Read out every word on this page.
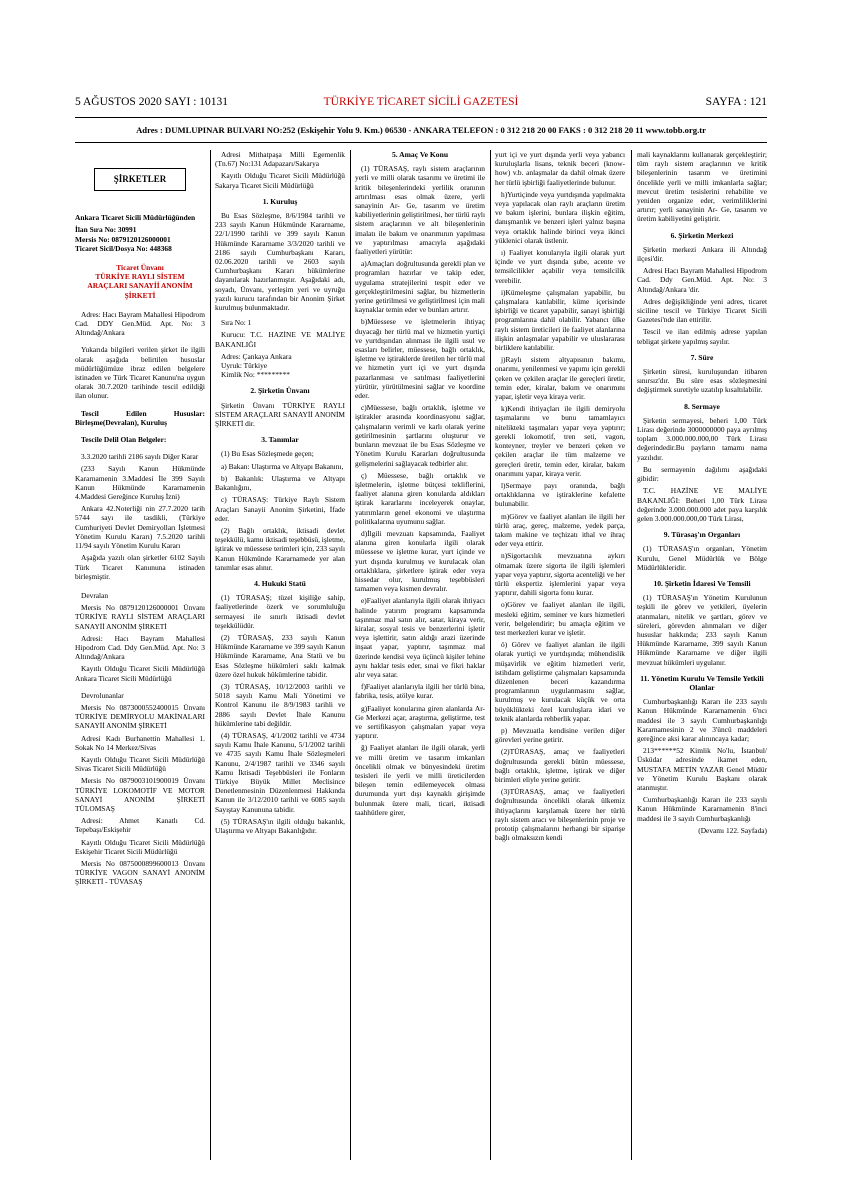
5 AĞUSTOS 2020 SAYI : 10131	TÜRKİYE TİCARET SİCİLİ GAZETESİ	SAYFA : 121
Adres : DUMLUPINAR BULVARI NO:252 (Eskişehir Yolu 9. Km.) 06530 - ANKARA TELEFON : 0 312 218 20 00 FAKS : 0 312 218 20 11 www.tobb.org.tr
ŞİRKETLER

Ankara Ticaret Sicili Müdürlüğünden

İlan Sıra No: 30991

Mersis No: 0879120126000001

Ticaret Sicil/Dosya No: 448368

Ticaret Ünvanı

TÜRKİYE RAYLI SİSTEM ARAÇLARI SANAYİİ ANONİM ŞİRKETİ

Adres: Hacı Bayram Mahallesi Hipodrom Cad. DDY Gen.Müd. Apt. No: 3 Altındağ/Ankara

Yukarıda bilgileri verilen şirket ile ilgili olarak aşağıda belirtilen hususlar müdürlüğümüze ibraz edilen belgelere istinaden ve Türk Ticaret Kanunu'na uygun olarak 30.7.2020 tarihinde tescil edildiği ilan olunur.

Tescil Edilen Hususlar: Birleşme(Devralan), Kuruluş

Tescile Delil Olan Belgeler:

3.3.2020 tarihli 2186 sayılı Diğer Karar

(233 Sayılı Kanun Hükmünde Kararnamenin 3.Maddesi İle 399 Sayılı Kanun Hükmünde Kararnamenin 4.Maddesi Gereğince Kuruluş İzni)

Ankara 42.Noterliği nin 27.7.2020 tarih 5744 sayı ile tasdikli, (Türkiye Cumhuriyeti Devlet Demiryolları İşletmesi Yönetim Kurulu Kararı) 7.5.2020 tarihli 11/94 sayılı Yönetim Kurulu Kararı

Aşağıda yazılı olan şirketler 6102 Sayılı Türk Ticaret Kanununa istinaden birleşmiştir.

Devralan

Mersis No 0879120126000001 Ünvanı TÜRKİYE RAYLI SİSTEM ARAÇLARI SANAYİİ ANONİM ŞİRKETİ

Adresi: Hacı Bayram Mahallesi Hipodrom Cad. Ddy Gen.Müd. Apt. No: 3 Altındağ/Ankara

Kayıtlı Olduğu Ticaret Sicili Müdürlüğü Ankara Ticaret Sicili Müdürlüğü

Devrolunanlar

Mersis No 0873000552400015 Ünvanı TÜRKİYE DEMİRYOLU MAKİNALARI SANAYİİ ANONİM ŞİRKETİ

Adresi Kadı Burhanettin Mahallesi 1. Sokak No 14 Merkez/Sivas

Kayıtlı Olduğu Ticaret Sicili Müdürlüğü Sivas Ticaret Sicili Müdürlüğü

Mersis No 0879003101900019 Ünvanı TÜRKİYE LOKOMOTİF VE MOTOR SANAYİ ANONİM ŞİRKETİ TÜLOMSAŞ

Adresi: Ahmet Kanatlı Cd. Tepebaşı/Eskişehir

Kayıtlı Olduğu Ticaret Sicili Müdürlüğü Eskişehir Ticaret Sicili Müdürlüğü

Mersis No 0875000899600013 Ünvanı TÜRKİYE VAGON SANAYİ ANONİM ŞİRKETİ - TÜVASAŞ

Adresi Mithatpaşa Milli Egemenlik (Tn.67) No:131 Adapazarı/Sakarya

Kayıtlı Olduğu Ticaret Sicili Müdürlüğü Sakarya Ticaret Sicili Müdürlüğü

1. Kuruluş

Bu Esas Sözleşme, 8/6/1984 tarihli ve 233 sayılı Kanun Hükmünde Kararname, 22/1/1990 tarihli ve 399 sayılı Kanun Hükmünde Kararname 3/3/2020 tarihli ve 2186 sayılı Cumhurbaşkanı Kararı, 02.06.2020 tarihli ve 2603 sayılı Cumhurbaşkanı Kararı hükümlerine dayanılarak hazırlanmıştır. Aşağıdaki adı, soyadı, Ünvanı, yerleşim yeri ve uyruğu yazılı kurucu tarafından bir Anonim Şirket kurulmuş bulunmaktadır.

Sıra No: 1

Kurucu: T.C. HAZİNE VE MALİYE BAKANLIĞI

Adres: Çankaya Ankara

Uyruk: Türkiye

Kimlik No: *********

2. Şirketin Ünvanı

Şirketin Ünvanı TÜRKİYE RAYLI SİSTEM ARAÇLARI SANAYİİ ANONİM ŞİRKETİ dir.

3. Tanımlar

(1) Bu Esas Sözleşmede geçen;

a) Bakan: Ulaştırma ve Altyapı Bakanını,

b) Bakanlık: Ulaştırma ve Altyapı Bakanlığını,

c) TÜRASAŞ: Türkiye Raylı Sistem Araçları Sanayii Anonim Şirketini, İfade eder.

(2) Bağlı ortaklık, iktisadi devlet teşekkülü, kamu iktisadi teşebbüsü, işletme, iştirak ve müessese terimleri için, 233 sayılı Kanun Hükmünde Kararnamede yer alan tanımlar esas alınır.

4. Hukuki Statü

(1) TÜRASAŞ; tüzel kişiliğe sahip, faaliyetlerinde özerk ve sorumluluğu sermayesi ile sınırlı iktisadi devlet teşekkülüdür.

(2) TÜRASAŞ, 233 sayılı Kanun Hükmünde Kararname ve 399 sayılı Kanun Hükmünde Kararname, Ana Statü ve bu Esas Sözleşme hükümleri saklı kalmak üzere özel hukuk hükümlerine tabidir.

(3) TÜRASAŞ, 10/12/2003 tarihli ve 5018 sayılı Kamu Mali Yönetimi ve Kontrol Kanunu ile 8/9/1983 tarihli ve 2886 sayılı Devlet İhale Kanunu hükümlerine tabi değildir.

(4) TÜRASAŞ, 4/1/2002 tarihli ve 4734 sayılı Kamu İhale Kanunu, 5/1/2002 tarihli ve 4735 sayılı Kamu İhale Sözleşmeleri Kanunu, 2/4/1987 tarihli ve 3346 sayılı Kamu İktisadi Teşebbüsleri ile Fonların Türkiye Büyük Millet Meclisince Denetlenmesinin Düzenlenmesi Hakkında Kanun ile 3/12/2010 tarihli ve 6085 sayılı Sayıştay Kanununa tabidir.

(5) TÜRASAŞ'ın ilgili olduğu bakanlık, Ulaştırma ve Altyapı Bakanlığıdır.

5. Amaç Ve Konu

(1) TÜRASAŞ, raylı sistem araçlarının yerli ve milli olarak tasarımı ve üretimi ile kritik bileşenlerindeki yerlilik oranının artırılması esas olmak üzere, yerli sanayinin Ar- Ge, tasarım ve üretim kabiliyetlerinin geliştirilmesi, her türlü raylı sistem araçlarının ve alt bileşenlerinin imalatı ile bakım ve onarımının yapılması ve yaptırılması amacıyla aşağıdaki faaliyetleri yürütür:

a)Amaçları doğrultusunda gerekli plan ve programları hazırlar ve takip eder, uygulama stratejilerini tespit eder ve gerçekleştirilmesini sağlar, bu hizmetlerin yerine getirilmesi ve geliştirilmesi için mali kaynaklar temin eder ve bunları artırır.

b)Müessese ve işletmelerin ihtiyaç duyacağı her türlü mal ve hizmetin yurtiçi ve yurtdışından alınması ile ilgili usul ve esasları belirler, müessese, bağlı ortaklık, işletme ve iştiraklerde üretilen her türlü mal ve hizmetin yurt içi ve yurt dışında pazarlanması ve satılması faaliyetlerini yürütür, yürütülmesini sağlar ve koordine eder.

c)Müessese, bağlı ortaklık, işletme ve iştirakler arasında koordinasyonu sağlar, çalışmaların verimli ve karlı olarak yerine getirilmesinin şartlarını oluşturur ve bunların mevzuat ile bu Esas Sözleşme ve Yönetim Kurulu Kararları doğrultusunda gelişmelerini sağlayacak tedbirler alır.

ç) Müessese, bağlı ortaklık ve işletmelerin, işletme bütçesi tekliflerini, faaliyet alanına giren konularda aldıkları iştirak kararlarını inceleyerek onaylar, yatırımların genel ekonomi ve ulaştırma politikalarına uyumunu sağlar.

d)İlgili mevzuatı kapsamında, Faaliyet alanına giren konularla ilgili olarak müessese ve işletme kurar, yurt içinde ve yurt dışında kurulmuş ve kurulacak olan ortaklıklara, şirketlere iştirak eder veya hissedar olur, kurulmuş teşebbüsleri tamamen veya kısmen devralır.

e)Faaliyet alanlarıyla ilgili olarak ihtiyacı halinde yatırım programı kapsamında taşınmaz mal satın alır, satar, kiraya verir, kiralar, sosyal tesis ve benzerlerini işletir veya işlettirir, satın aldığı arazi üzerinde inşaat yapar, yaptırır, taşınmaz mal üzerinde kendisi veya üçüncü kişiler lehine aynı haklar tesis eder, sınai ve fikri haklar alır veya satar.

f)Faaliyet alanlarıyla ilgili her türlü bina, fabrika, tesis, atölye kurar.

g)Faaliyet konularına giren alanlarda Ar- Ge Merkezi açar, araştırma, geliştirme, test ve sertifikasyon çalışmaları yapar veya yaptırır.

ğ) Faaliyet alanları ile ilgili olarak, yerli ve milli üretim ve tasarım imkanları öncelikli olmak ve bünyesindeki üretim tesisleri ile yerli ve milli üreticilerden bileşen temin edilemeyecek olması durumunda yurt dışı kaynaklı girişimde bulunmak üzere mali, ticari, iktisadi taahhütlere girer,

yurt içi ve yurt dışında yerli veya yabancı kuruluşlarla lisans, teknik beceri (know- how) v.b. anlaşmalar da dahil olmak üzere her türlü işbirliği faaliyetlerinde bulunur.

h)Yurtiçinde veya yurtdışında yapılmakta veya yapılacak olan raylı araçların üretim ve bakım işlerini, bunlara ilişkin eğitim, danışmanlık ve benzeri işleri yalnız başına veya ortaklık halinde birinci veya ikinci yüklenici olarak üstlenir.

ı) Faaliyet konularıyla ilgili olarak yurt içinde ve yurt dışında şube, acente ve temsilcilikler açabilir veya temsilcilik verebilir.

i)Kümeleşme çalışmaları yapabilir, bu çalışmalara katılabilir, küme içerisinde işbirliği ve ticaret yapabilir, sanayi işbirliği programlarına dahil olabilir. Yabancı ülke raylı sistem üreticileri ile faaliyet alanlarına ilişkin anlaşmalar yapabilir ve uluslararası birliklere katılabilir.

j)Raylı sistem altyapısının bakımı, onarımı, yenilenmesi ve yapımı için gerekli çeken ve çekilen araçlar ile gereçleri üretir, temin eder, kiralar, bakım ve onarımını yapar, işletir veya kiraya verir.

k)Kendi ihtiyaçları ile ilgili demiryolu taşımalarını ve bunu tamamlayıcı nitelikteki taşımaları yapar veya yaptırır; gerekli lokomotif, tren seti, vagon, konteyner, treyler ve benzeri çeken ve çekilen araçlar ile tüm malzeme ve gereçleri üretir, temin eder, kiralar, bakım onarımını yapar, kiraya verir.

l)Sermaye payı oranında, bağlı ortaklıklarına ve iştiraklerine kefalette bulunabilir.

m)Görev ve faaliyet alanları ile ilgili her türlü araç, gereç, malzeme, yedek parça, takım makine ve teçhizatı ithal ve ihraç eder veya ettirir.

n)Sigortacılık mevzuatına aykırı olmamak üzere sigorta ile ilgili işlemleri yapar veya yaptırır, sigorta acenteliği ve her türlü ekspertiz işlemlerini yapar veya yaptırır, dahili sigorta fonu kurar.

o)Görev ve faaliyet alanları ile ilgili, mesleki eğitim, seminer ve kurs hizmetleri verir, belgelendirir; bu amaçla eğitim ve test merkezleri kurar ve işletir.

ö) Görev ve faaliyet alanları ile ilgili olarak yurtiçi ve yurtdışında; mühendislik müşavirlik ve eğitim hizmetleri verir, istihdam geliştirme çalışmaları kapsamında düzenlenen beceri kazandırma programlarının uygulanmasını sağlar, kurulmuş ve kurulacak küçük ve orta büyüklükteki özel kuruluşlara idari ve teknik alanlarda rehberlik yapar.

p) Mevzuatla kendisine verilen diğer görevleri yerine getirir.

(2)TÜRASAŞ, amaç ve faaliyetleri doğrultusunda gerekli bütün müessese, bağlı ortaklık, işletme, iştirak ve diğer birimleri eliyle yerine getirir.

(3)TÜRASAŞ, amaç ve faaliyetleri doğrultusunda öncelikli olarak ülkemiz ihtiyaçlarını karşılamak üzere her türlü raylı sistem aracı ve bileşenlerinin proje ve prototip çalışmalarını herhangi bir siparişe bağlı olmaksızın kendi

mali kaynaklarını kullanarak gerçekleştirir; tüm raylı sistem araçlarının ve kritik bileşenlerinin tasarım ve üretimini öncelikle yerli ve milli imkanlarla sağlar; mevcut üretim tesislerini rehabilite ve yeniden organize eder, verimliliklerini artırır; yerli sanayinin Ar- Ge, tasarım ve üretim kabiliyetini geliştirir.

6. Şirketin Merkezi

Şirketin merkezi Ankara ili Altındağ ilçesi'dir.

Adresi Hacı Bayram Mahallesi Hipodrom Cad. Ddy Gen.Müd. Apt. No: 3 Altındağ/Ankara 'dir.

Adres değişikliğinde yeni adres, ticaret siciline tescil ve Türkiye Ticaret Sicili Gazetesi'nde ilan ettirilir.

Tescil ve ilan edilmiş adrese yapılan tebligat şirkete yapılmış sayılır.

7. Süre

Şirketin süresi, kuruluşundan itibaren sınırsız'dır. Bu süre esas sözleşmesini değiştirmek suretiyle uzatılıp kısaltılabilir.

8. Sermaye

Şirketin sermayesi, beheri 1,00 Türk Lirası değerinde 3000000000 paya ayrılmış toplam 3.000.000.000,00 Türk Lirası değerindedir.Bu payların tamamı nama yazılıdır.

Bu sermayenin dağılımı aşağıdaki gibidir:

T.C. HAZİNE VE MALİYE BAKANLIĞI: Beheri 1,00 Türk Lirası değerinde 3.000.000.000 adet paya karşılık gelen 3.000.000.000,00 Türk Lirası,

9. Türasaş'ın Organları

(1) TÜRASAŞ'ın organları, Yönetim Kurulu, Genel Müdürlük ve Bölge Müdürlükleridir.

10. Şirketin İdaresi Ve Temsili

(1) TÜRASAŞ'ın Yönetim Kurulunun teşkili ile görev ve yetkileri, üyelerin atanmaları, nitelik ve şartları, görev ve süreleri, görevden alınmaları ve diğer hususlar hakkında; 233 sayılı Kanun Hükmünde Kararname, 399 sayılı Kanun Hükmünde Kararname ve diğer ilgili mevzuat hükümleri uygulanır.

11. Yönetim Kurulu Ve Temsile Yetkili Olanlar

Cumhurbaşkanlığı Kararı ile 233 sayılı Kanun Hükmünde Kararnamenin 6'ncı maddesi ile 3 sayılı Cumhurbaşkanlığı Kararnamesinin 2 ve 3'üncü maddeleri gereğince aksi karar alınıncaya kadar;

213******52 Kimlik No'lu, İstanbul/Üsküdar adresinde ikamet eden, MUSTAFA METİN YAZAR Genel Müdür ve Yönetim Kurulu Başkanı olarak atanmıştır.

Cumhurbaşkanlığı Kararı ile 233 sayılı Kanun Hükmünde Kararnamenin 8'inci maddesi ile 3 sayılı Cumhurbaşkanlığı

(Devamı 122. Sayfada)
